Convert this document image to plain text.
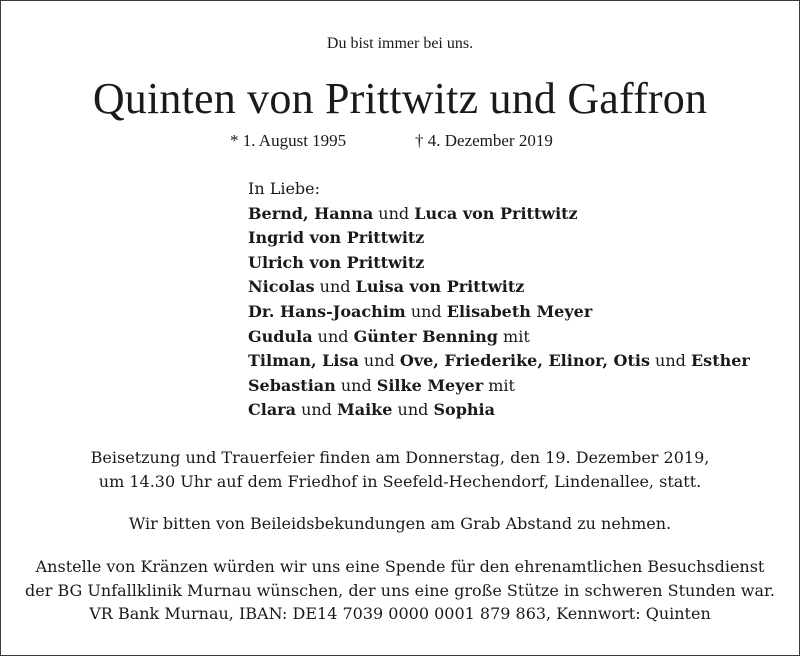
Du bist immer bei uns.
Quinten von Prittwitz und Gaffron
* 1. August 1995	† 4. Dezember 2019
In Liebe:
Bernd, Hanna und Luca von Prittwitz
Ingrid von Prittwitz
Ulrich von Prittwitz
Nicolas und Luisa von Prittwitz
Dr. Hans-Joachim und Elisabeth Meyer
Gudula und Günter Benning mit
Tilman, Lisa und Ove, Friederike, Elinor, Otis und Esther
Sebastian und Silke Meyer mit
Clara und Maike und Sophia
Beisetzung und Trauerfeier finden am Donnerstag, den 19. Dezember 2019,
um 14.30 Uhr auf dem Friedhof in Seefeld-Hechendorf, Lindenallee, statt.
Wir bitten von Beileidsbekundungen am Grab Abstand zu nehmen.
Anstelle von Kränzen würden wir uns eine Spende für den ehrenamtlichen Besuchsdienst
der BG Unfallklinik Murnau wünschen, der uns eine große Stütze in schweren Stunden war.
VR Bank Murnau, IBAN: DE14 7039 0000 0001 879 863, Kennwort: Quinten
